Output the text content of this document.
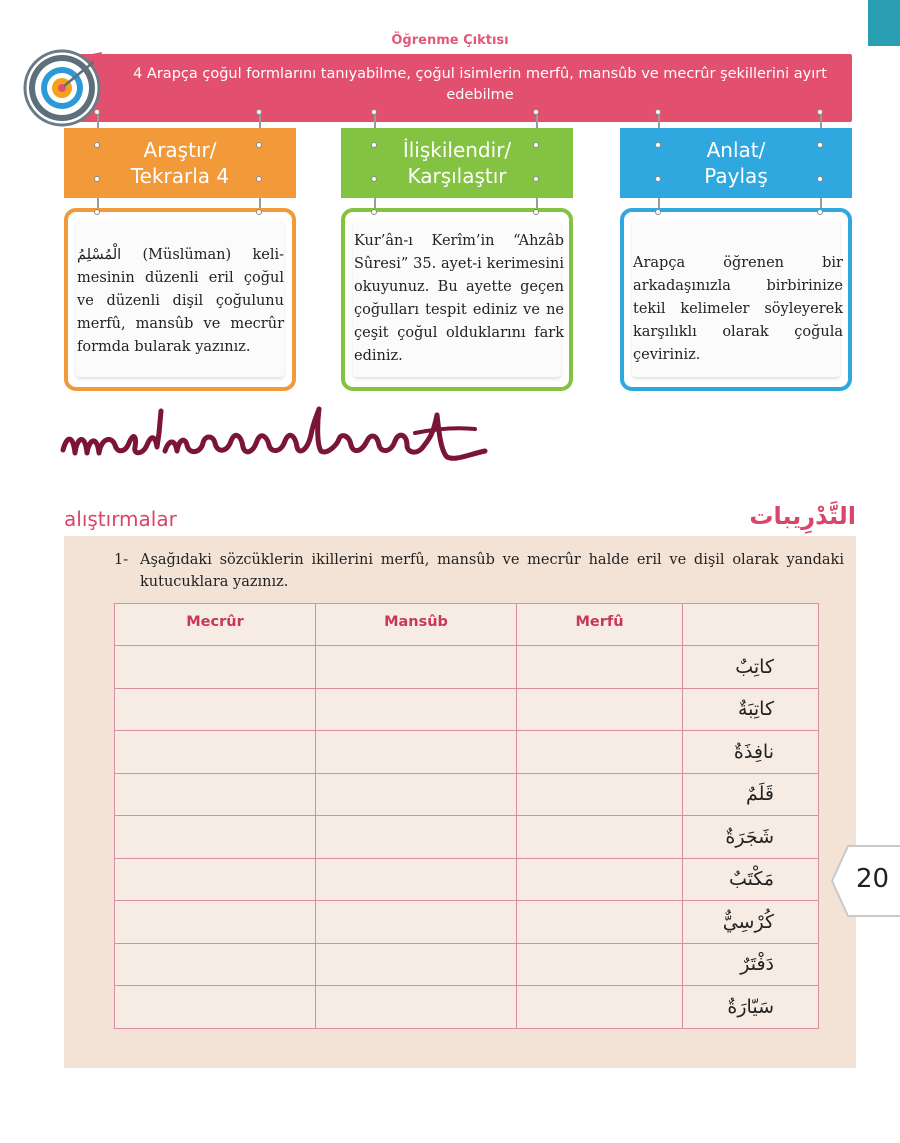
Öğrenme Çıktısı
4 Arapça çoğul formlarını tanıyabilme, çoğul isimlerin merfû, mansûb ve mecrûr şekillerini ayırt edebilme
Araştır/
Tekrarla 4
İlişkilendir/
Karşılaştır
Anlat/
Paylaş
الْمُسْلِمُ (Müslüman) keli- mesinin düzenli eril çoğul ve düzenli dişil çoğulunu merfû, mansûb ve mecrûr formda bularak yazınız.
Kur’ân-ı Kerîm’in “Ahzâb Sûresi” 35. ayet-i kerimesini okuyunuz. Bu ayette geçen çoğulları tespit ediniz ve ne çeşit çoğul olduklarını fark ediniz.
Arapça öğrenen bir arkadaşınızla birbirinize tekil kelimeler söyleyerek karşılıklı olarak çoğula çeviriniz.
alıştırmalar	التَّدْرِيبات
1- Aşağıdaki sözcüklerin ikillerini merfû, mansûb ve mecrûr halde eril ve dişil olarak yandaki kutucuklara yazınız.
Mecrûr	Mansûb	Merfû	
			كاتِبٌ
			كاتِبَةٌ
			نافِذَةٌ
			قَلَمٌ
			شَجَرَةٌ
			مَكْتَبٌ
			كُرْسِيٌّ
			دَفْتَرٌ
			سَيّارَةٌ
20
